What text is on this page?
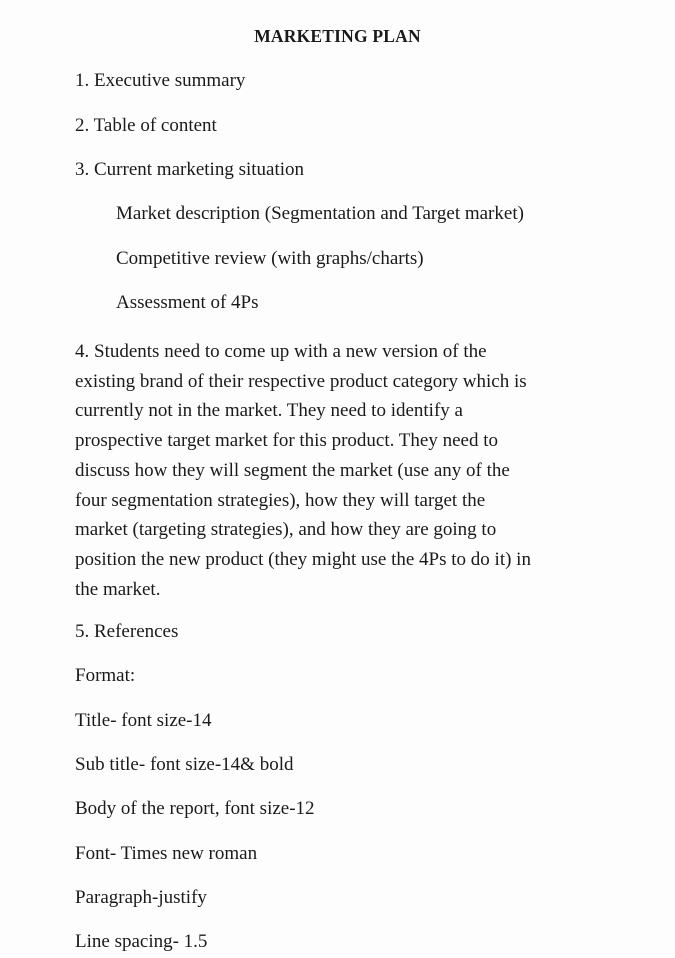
MARKETING PLAN
1. Executive summary
2. Table of content
3. Current marketing situation
Market description (Segmentation and Target market)
Competitive review (with graphs/charts)
Assessment of 4Ps
4. Students need to come up with a new version of the
existing brand of their respective product category which is
currently not in the market. They need to identify a
prospective target market for this product. They need to
discuss how they will segment the market (use any of the
four segmentation strategies), how they will target the
market (targeting strategies), and how they are going to
position the new product (they might use the 4Ps to do it) in
the market.
5. References
Format:
Title- font size-14
Sub title- font size-14& bold
Body of the report, font size-12
Font- Times new roman
Paragraph-justify
Line spacing- 1.5
